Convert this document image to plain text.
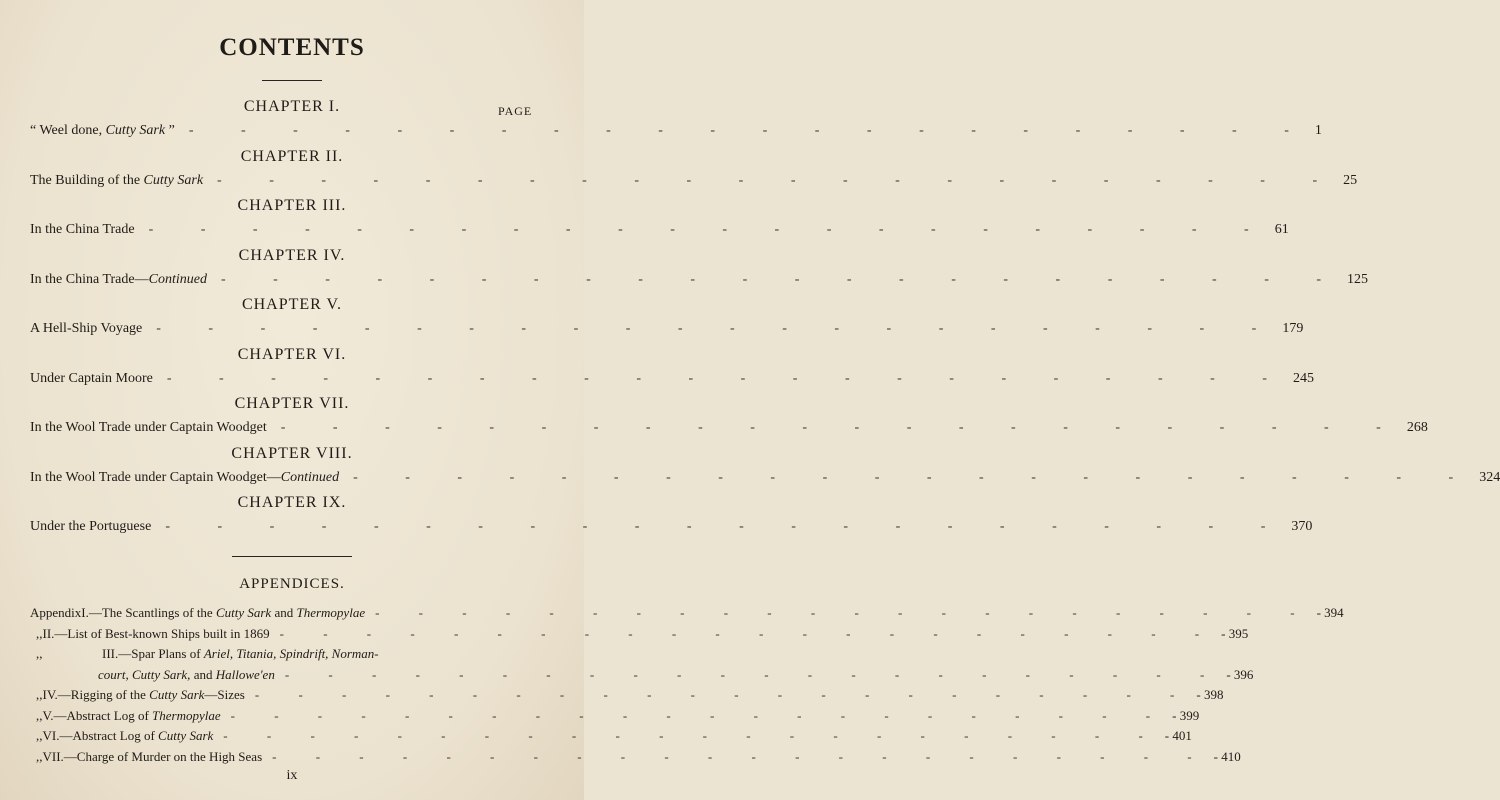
CONTENTS
PAGE
CHAPTER I.
“ Weel done, Cutty Sark ”	- - - - - - - - - - - - - - - - - - - - - - 1
CHAPTER II.
The Building of the Cutty Sark	- - - - - - - - - - - - - - - - - - - - - - 25
CHAPTER III.
In the China Trade	- - - - - - - - - - - - - - - - - - - - - - 61
CHAPTER IV.
In the China Trade—Continued	- - - - - - - - - - - - - - - - - - - - - - 125
CHAPTER V.
A Hell-Ship Voyage	- - - - - - - - - - - - - - - - - - - - - - 179
CHAPTER VI.
Under Captain Moore	- - - - - - - - - - - - - - - - - - - - - - 245
CHAPTER VII.
In the Wool Trade under Captain Woodget	- - - - - - - - - - - - - - - - - - - - - - 268
CHAPTER VIII.
In the Wool Trade under Captain Woodget—Continued	- - - - - - - - - - - - - - - - - - - - - - 324
CHAPTER IX.
Under the Portuguese	- - - - - - - - - - - - - - - - - - - - - - 370
APPENDICES.
Appendix I.—The Scantlings of the Cutty Sark and Thermopylae - - - - - - - - - - - - - - - - - - - - - - - 394
,, II.—List of Best-known Ships built in 1869 - - - - - - - - - - - - - - - - - - - - - - - 395
,,	III.—Spar Plans of Ariel, Titania, Spindrift, Norman-
court, Cutty Sark, and Hallowe'en - - - - - - - - - - - - - - - - - - - - - - - 396
,, IV.—Rigging of the Cutty Sark—Sizes - - - - - - - - - - - - - - - - - - - - - - - 398
,, V.—Abstract Log of Thermopylae - - - - - - - - - - - - - - - - - - - - - - - 399
,, VI.—Abstract Log of Cutty Sark - - - - - - - - - - - - - - - - - - - - - - - 401
,, VII.—Charge of Murder on the High Seas - - - - - - - - - - - - - - - - - - - - - - - 410
ix
